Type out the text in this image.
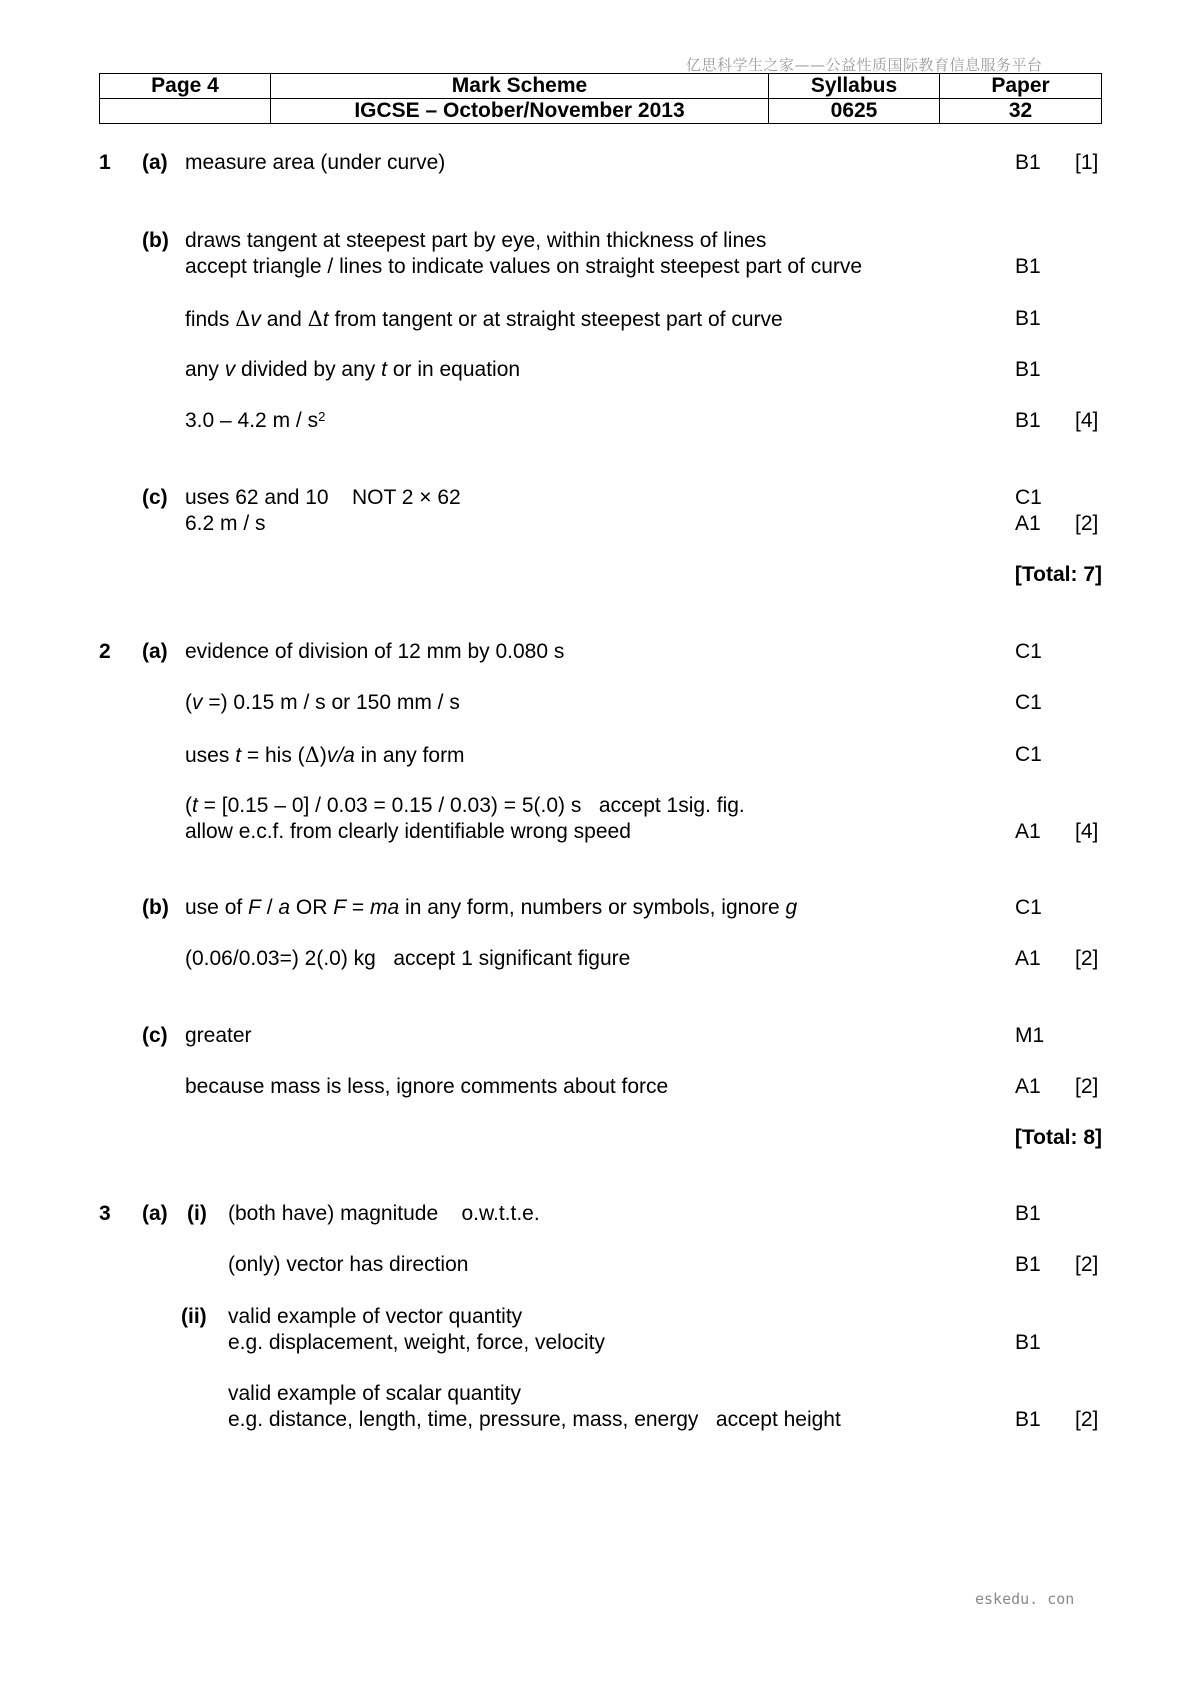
亿思科学生之家——公益性质国际教育信息服务平台
Page 4	Mark Scheme	Syllabus	Paper
	IGCSE – October/November 2013	0625	32
1 (a) measure area (under curve)	B1 [1]
(b) draws tangent at steepest part by eye, within thickness of lines
accept triangle / lines to indicate values on straight steepest part of curve	B1
finds Δv and Δt from tangent or at straight steepest part of curve	B1
any v divided by any t or in equation	B1
3.0 – 4.2 m / $s^2$	B1 [4]
(c) uses 62 and 10    NOT 2 × 62	C1
6.2 m / s	A1 [2]
[Total: 7]
2 (a) evidence of division of 12 mm by 0.080 s	C1
(v =) 0.15 m / s or 150 mm / s	C1
uses t = his (Δ)v/a in any form	C1
(t = [0.15 – 0] / 0.03 = 0.15 / 0.03) = 5(.0) s   accept 1sig. fig.
allow e.c.f. from clearly identifiable wrong speed	A1 [4]
(b) use of F / a OR F = ma in any form, numbers or symbols, ignore g	C1
(0.06/0.03=) 2(.0) kg   accept 1 significant figure	A1 [2]
(c) greater	M1
because mass is less, ignore comments about force	A1 [2]
[Total: 8]
3 (a) (i) (both have) magnitude    o.w.t.t.e.	B1
(only) vector has direction	B1 [2]
(ii) valid example of vector quantity
e.g. displacement, weight, force, velocity	B1
valid example of scalar quantity
e.g. distance, length, time, pressure, mass, energy   accept height	B1 [2]
eskedu. con
